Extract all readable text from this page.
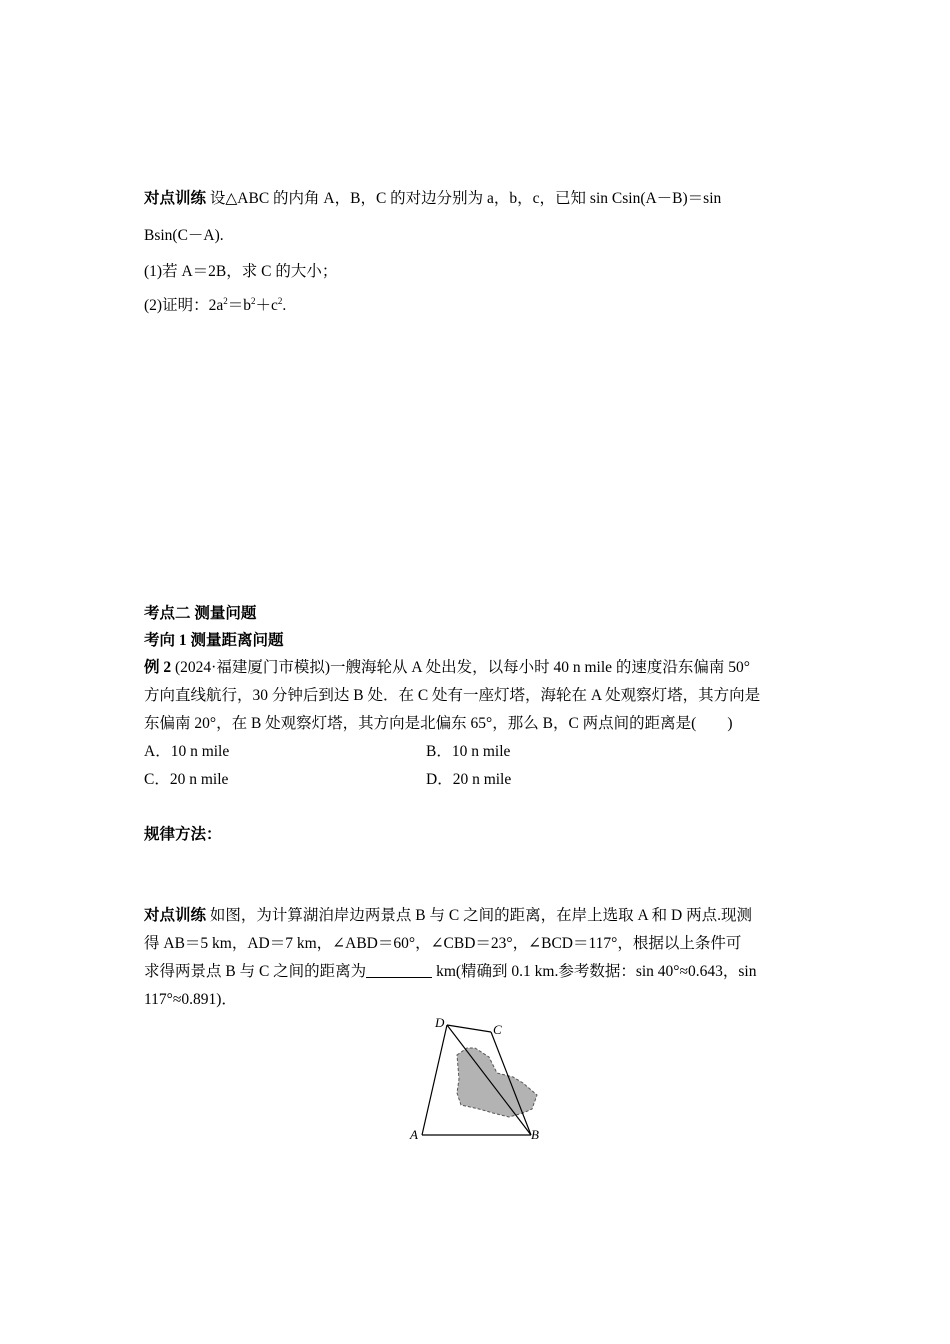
对点训练 设△ABC 的内角 A，B，C 的对边分别为 a，b，c，已知 sin Csin(A－B)＝sin
Bsin(C－A).
(1)若 A＝2B，求 C 的大小；
(2)证明：$2a^2=b^2+c^2$.
考点二 测量问题
考向 1 测量距离问题
例 2 (2024·福建厦门市模拟)一艘海轮从 A 处出发，以每小时 40 n mile 的速度沿东偏南 50°
方向直线航行，30 分钟后到达 B 处．在 C 处有一座灯塔，海轮在 A 处观察灯塔，其方向是
东偏南 20°，在 B 处观察灯塔，其方向是北偏东 65°，那么 B，C 两点间的距离是(　　)
A．10 n mile	B．10 n mile
C．20 n mile	D．20 n mile
规律方法：
对点训练 如图，为计算湖泊岸边两景点 B 与 C 之间的距离，在岸上选取 A 和 D 两点.现测
得 AB＝5 km，AD＝7 km，∠ABD＝60°，∠CBD＝23°，∠BCD＝117°，根据以上条件可
求得两景点 B 与 C 之间的距离为	km(精确到 0.1 km.参考数据：sin 40°≈0.643，sin
117°≈0.891)．
D	C
A	B
